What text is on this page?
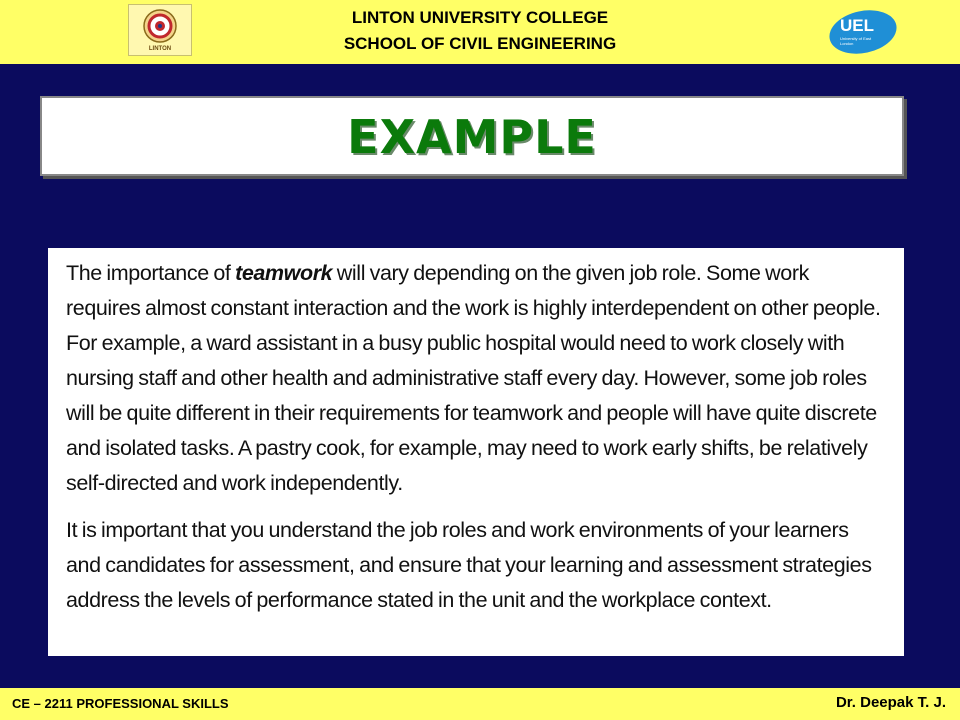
LINTON
LINTON UNIVERSITY COLLEGE
SCHOOL OF CIVIL ENGINEERING
UEL
University of East London
EXAMPLE

The importance of teamwork will vary depending on the given job role. Some work requires almost constant interaction and the work is highly interdependent on other people. For example, a ward assistant in a busy public hospital would need to work closely with nursing staff and other health and administrative staff every day. However, some job roles will be quite different in their requirements for teamwork and people will have quite discrete and isolated tasks. A pastry cook, for example, may need to work early shifts, be relatively self-directed and work independently.

It is important that you understand the job roles and work environments of your learners and candidates for assessment, and ensure that your learning and assessment strategies address the levels of performance stated in the unit and the workplace context.

CE – 2211 PROFESSIONAL SKILLS	Dr. Deepak T. J.
